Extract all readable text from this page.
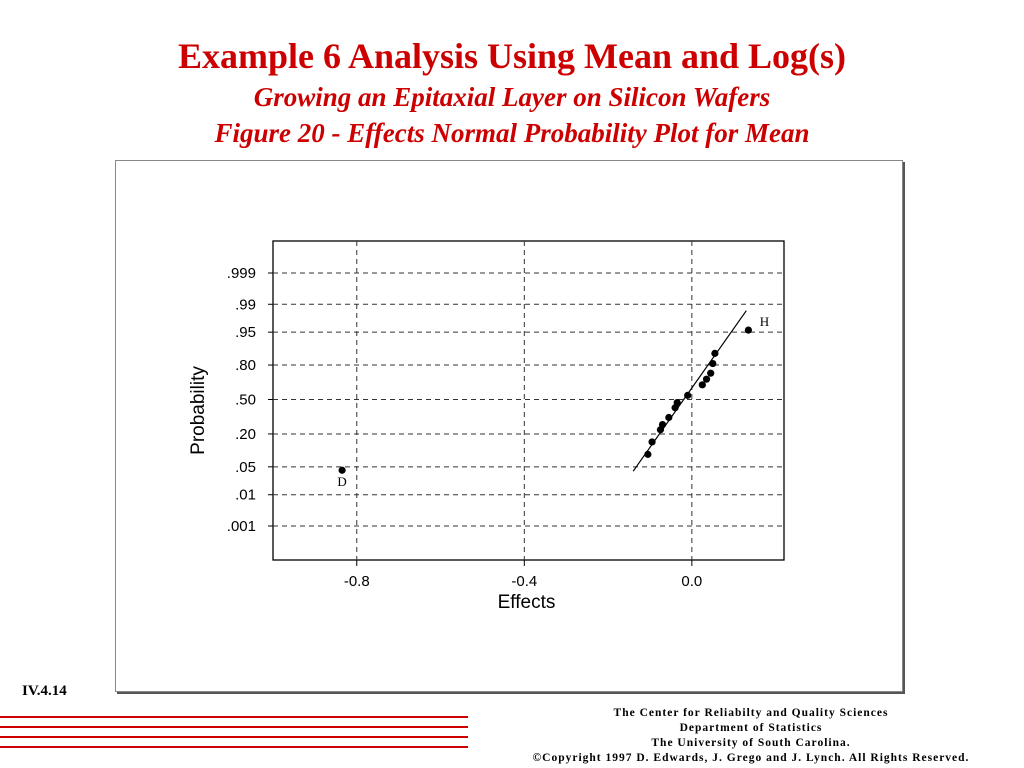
Example 6 Analysis Using Mean and Log(s)
Growing an Epitaxial Layer on Silicon Wafers
Figure 20 - Effects Normal Probability Plot for Mean
.001
.01
.05
.20
.50
.80
.95
.99
.999
-0.8	-0.4	0.0
Effects
Probability
D
H
IV.4.14
The Center for Reliabilty and Quality Sciences
Department of Statistics
The University of South Carolina.
©Copyright 1997 D. Edwards, J. Grego and J. Lynch. All Rights Reserved.
